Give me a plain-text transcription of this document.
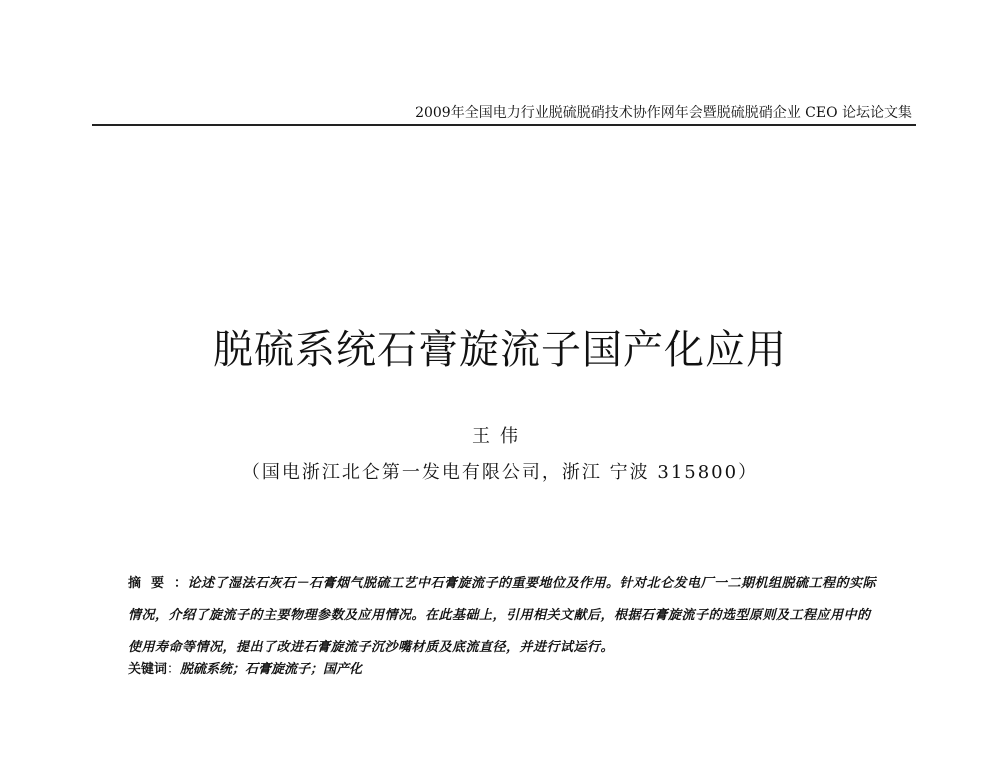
2009年全国电力行业脱硫脱硝技术协作网年会暨脱硫脱硝企业 CEO 论坛论文集
脱硫系统石膏旋流子国产化应用
王伟
（国电浙江北仑第一发电有限公司，浙江 宁波 315800）
摘要：论述了湿法石灰石－石膏烟气脱硫工艺中石膏旋流子的重要地位及作用。针对北仑发电厂一二期机组脱硫工程的实际情况，介绍了旋流子的主要物理参数及应用情况。在此基础上，引用相关文献后，根据石膏旋流子的选型原则及工程应用中的使用寿命等情况，提出了改进石膏旋流子沉沙嘴材质及底流直径，并进行试运行。
关键词：脱硫系统；石膏旋流子；国产化
